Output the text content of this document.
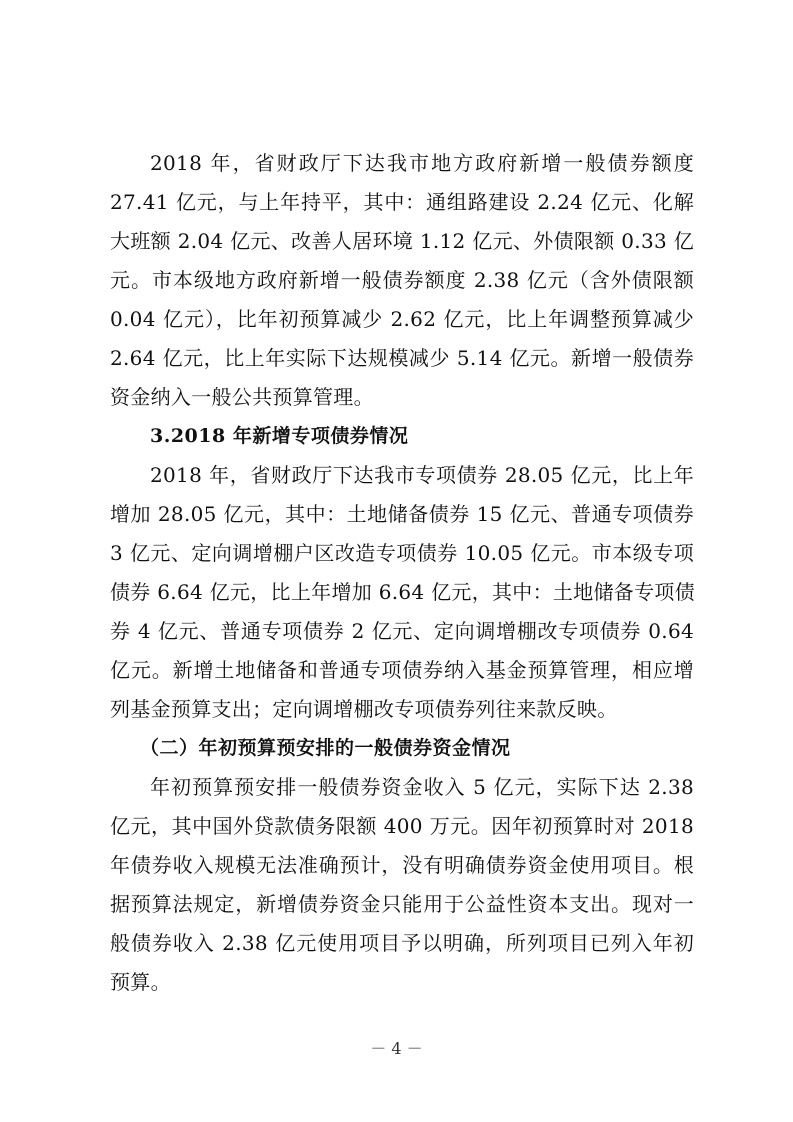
2018 年，省财政厅下达我市地方政府新增一般债券额度
27.41 亿元，与上年持平，其中：通组路建设 2.24 亿元、化解
大班额 2.04 亿元、改善人居环境 1.12 亿元、外债限额 0.33 亿
元。市本级地方政府新增一般债券额度 2.38 亿元（含外债限额
0.04 亿元），比年初预算减少 2.62 亿元，比上年调整预算减少
2.64 亿元，比上年实际下达规模减少 5.14 亿元。新增一般债券
资金纳入一般公共预算管理。
3.2018 年新增专项债券情况
2018 年，省财政厅下达我市专项债券 28.05 亿元，比上年
增加 28.05 亿元，其中：土地储备债券 15 亿元、普通专项债券
3 亿元、定向调增棚户区改造专项债券 10.05 亿元。市本级专项
债券 6.64 亿元，比上年增加 6.64 亿元，其中：土地储备专项债
券 4 亿元、普通专项债券 2 亿元、定向调增棚改专项债券 0.64
亿元。新增土地储备和普通专项债券纳入基金预算管理，相应增
列基金预算支出；定向调增棚改专项债券列往来款反映。
（二）年初预算预安排的一般债券资金情况
年初预算预安排一般债券资金收入 5 亿元，实际下达 2.38
亿元，其中国外贷款债务限额 400 万元。因年初预算时对 2018
年债券收入规模无法准确预计，没有明确债券资金使用项目。根
据预算法规定，新增债券资金只能用于公益性资本支出。现对一
般债券收入 2.38 亿元使用项目予以明确，所列项目已列入年初
预算。
－ 4 －
